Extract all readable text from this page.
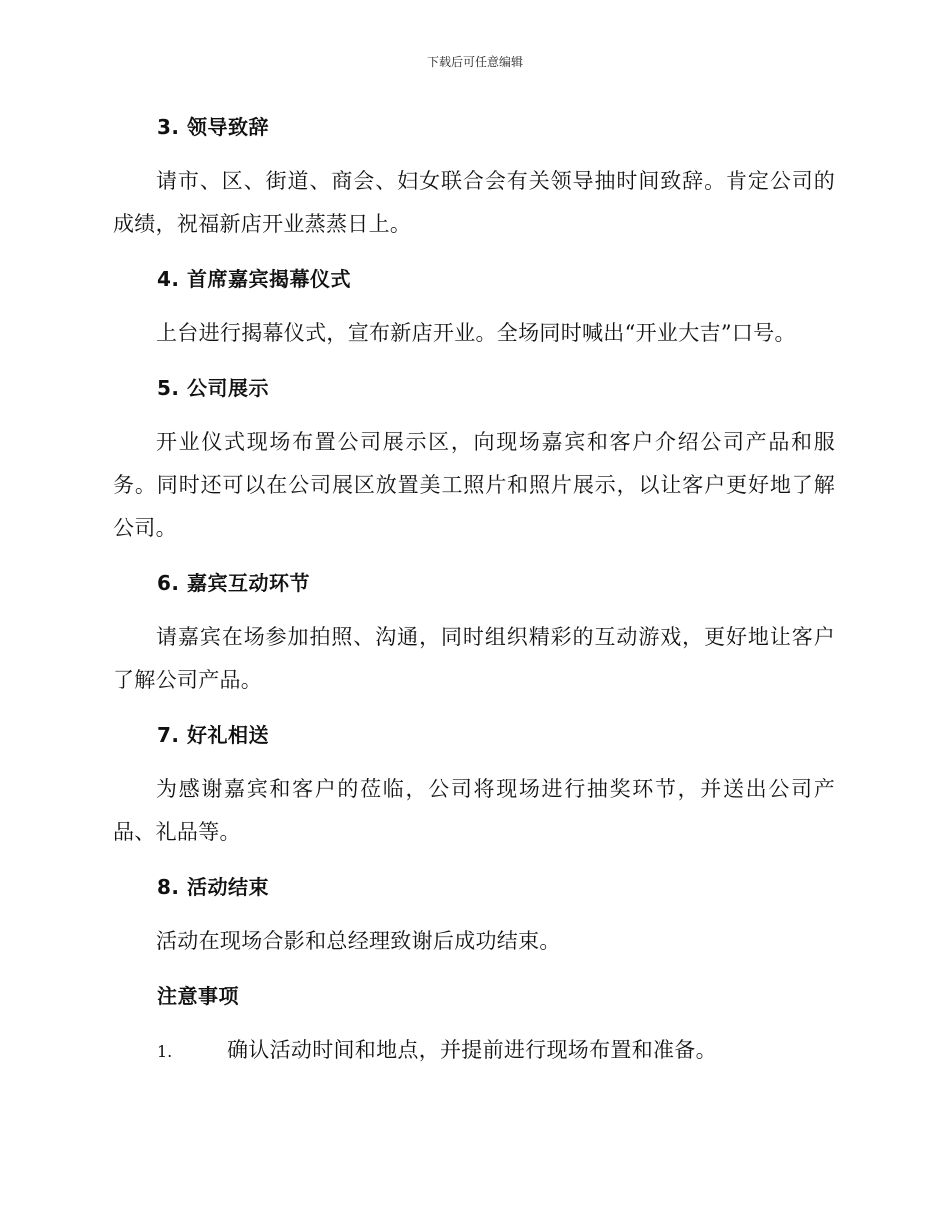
下载后可任意编辑
3. 领导致辞

请市、区、街道、商会、妇女联合会有关领导抽时间致辞。肯定公司的成绩，祝福新店开业蒸蒸日上。

4. 首席嘉宾揭幕仪式

上台进行揭幕仪式，宣布新店开业。全场同时喊出“开业大吉”口号。

5. 公司展示

开业仪式现场布置公司展示区，向现场嘉宾和客户介绍公司产品和服务。同时还可以在公司展区放置美工照片和照片展示，以让客户更好地了解公司。

6. 嘉宾互动环节

请嘉宾在场参加拍照、沟通，同时组织精彩的互动游戏，更好地让客户了解公司产品。

7. 好礼相送

为感谢嘉宾和客户的莅临，公司将现场进行抽奖环节，并送出公司产品、礼品等。

8. 活动结束

活动在现场合影和总经理致谢后成功结束。

注意事项
1.	确认活动时间和地点，并提前进行现场布置和准备。
